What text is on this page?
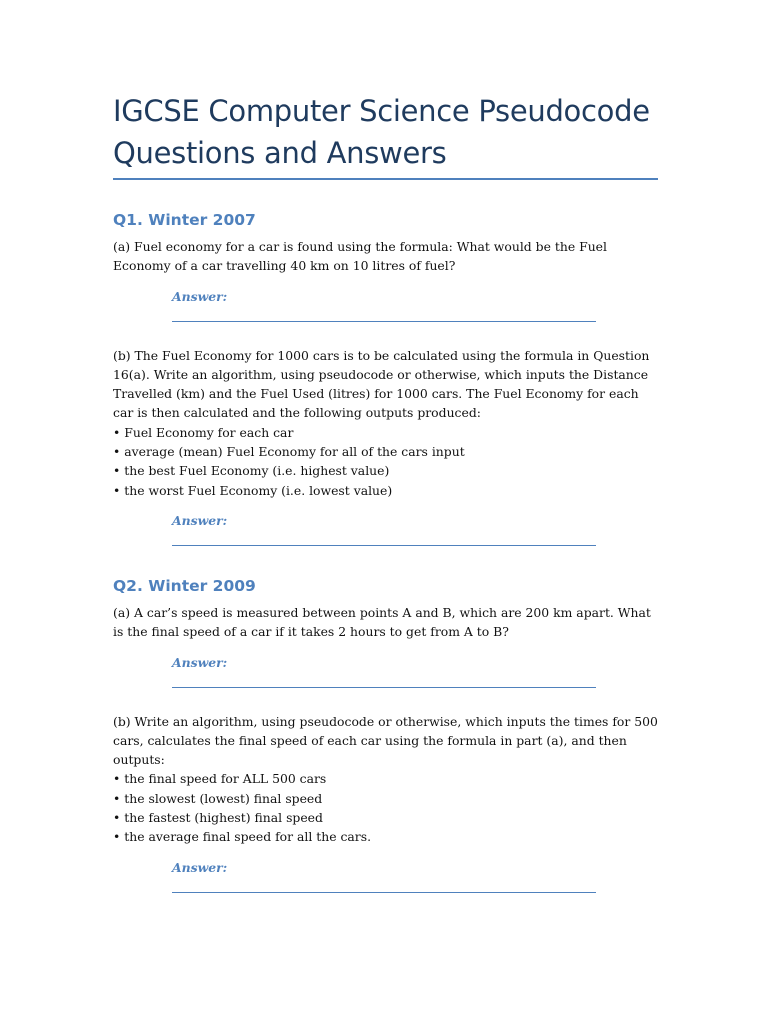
IGCSE Computer Science Pseudocode
Questions and Answers
Q1. Winter 2007

(a) Fuel economy for a car is found using the formula: What would be the Fuel Economy of a car travelling 40 km on 10 litres of fuel?

Answer:

(b) The Fuel Economy for 1000 cars is to be calculated using the formula in Question 16(a). Write an algorithm, using pseudocode or otherwise, which inputs the Distance Travelled (km) and the Fuel Used (litres) for 1000 cars. The Fuel Economy for each car is then calculated and the following outputs produced:

• Fuel Economy for each car
• average (mean) Fuel Economy for all of the cars input
• the best Fuel Economy (i.e. highest value)
• the worst Fuel Economy (i.e. lowest value)
Answer:
Q2. Winter 2009

(a) A car’s speed is measured between points A and B, which are 200 km apart. What is the final speed of a car if it takes 2 hours to get from A to B?

Answer:

(b) Write an algorithm, using pseudocode or otherwise, which inputs the times for 500 cars, calculates the final speed of each car using the formula in part (a), and then outputs:

• the final speed for ALL 500 cars
• the slowest (lowest) final speed
• the fastest (highest) final speed
• the average final speed for all the cars.
Answer:
